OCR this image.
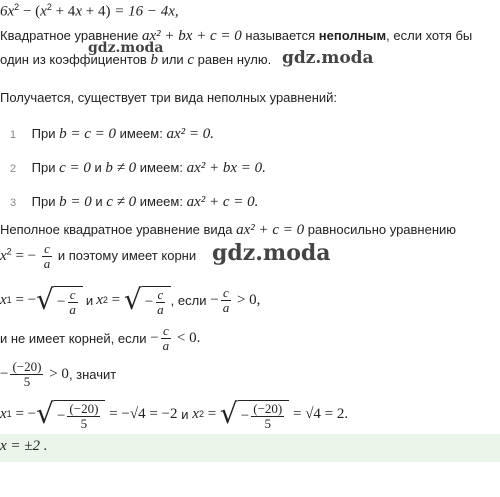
$6x^2 - (x^2 + 4x + 4) = 16 - 4x$,
Квадратное уравнение ax² + bx + c = 0 называется неполным, если хотя бы
один из коэффициентов b или c равен нулю.
gdz.moda	gdz.moda
Получается, существует три вида неполных уравнений:
1 При b = c = 0 имеем: ax² = 0.
2 При c = 0 и b ≠ 0 имеем: ax² + bx = 0.
3 При b = 0 и c ≠ 0 имеем: ax² + c = 0.
Неполное квадратное уравнение вида ax² + c = 0 равносильно уравнению
$x^2$ = − $\frac{c}{a}$ и поэтому имеет корни gdz.moda
x 1 = − √ − $\frac{c}{a}$ и x 2 = √ − $\frac{c}{a}$ , если − $\frac{c}{a} > 0$,
и не имеет корней, если − $\frac{c}{a} < 0$.
− $\frac{(-20)}{5} > 0$ , значит
x 1 = − √ − $\frac{(-20)}{5} = -√4 = -2$ и x 2 = √ − $\frac{(-20)}{5} = √4 = 2$.
x = ±2 .
